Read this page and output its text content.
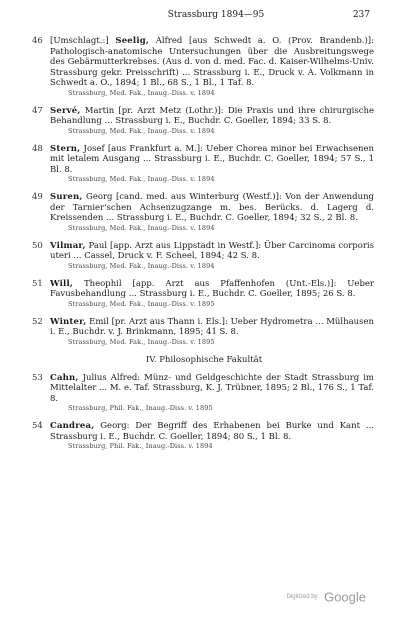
Strassburg 1894—95	237
46 [Umschlagt.:] Seelig, Alfred [aus Schwedt a. O. (Prov. Brandenb.)]: Pathologisch-anatomische Untersuchungen über die Ausbreitungswege des Gebärmutterkrebses. (Aus d. von d. med. Fac. d. Kaiser-Wilhelms-Univ. Strassburg gekr. Preisschrift) ... Strassburg i. E., Druck v. A. Volkmann in Schwedt a. O., 1894; 1 Bl., 68 S., 1 Bl., 1 Taf. 8.
Strassburg, Med. Fak., Inaug.-Diss. v. 1894
47 Servé, Martin [pr. Arzt Metz (Lothr.)]: Die Praxis und ihre chirurgische Behandlung ... Strassburg i. E., Buchdr. C. Goeller, 1894; 33 S. 8.
Strassburg, Med. Fak., Inaug.-Diss. v. 1894
48 Stern, Josef [aus Frankfurt a. M.]: Ueber Chorea minor bei Erwachsenen mit letalem Ausgang ... Strassburg i. E., Buchdr. C. Goeller, 1894; 57 S., 1 Bl. 8.
Strassburg, Med. Fak., Inaug.-Diss. v. 1894
49 Suren, Georg [cand. med. aus Winterburg (Westf.)]: Von der Anwendung der Tarnier'schen Achsenzugzange m. bes. Berücks. d. Lagerg d. Kreissenden ... Strassburg i. E., Buchdr. C. Goeller, 1894; 32 S., 2 Bl. 8.
Strassburg, Med. Fak., Inaug.-Diss. v. 1894
50 Vilmar, Paul [app. Arzt aus Lippstadt in Westf.]: Über Carcinoma corporis uteri ... Cassel, Druck v. F. Scheel, 1894; 42 S. 8.
Strassburg, Med. Fak., Inaug.-Diss. v. 1894
51 Will, Theophil [app. Arzt aus Pfaffenhofen (Unt.-Els.)]: Ueber Favusbehandlung ... Strassburg i. E., Buchdr. C. Goeller, 1895; 26 S. 8.
Strassburg, Med. Fak., Inaug.-Diss. v. 1895
52 Winter, Emil [pr. Arzt aus Thann i. Els.]: Ueber Hydrometra ... Mülhausen i. E., Buchdr. v. J. Brinkmann, 1895; 41 S. 8.
Strassburg, Med. Fak., Inaug.-Diss. v. 1895
IV. Philosophische Fakultät
53 Cahn, Julius Alfred: Münz- und Geldgeschichte der Stadt Strassburg im Mittelalter ... M. e. Taf. Strassburg, K. J. Trübner, 1895; 2 Bl., 176 S., 1 Taf. 8.
Strassburg, Phil. Fak., Inaug.-Diss. v. 1895
54 Candrea, Georg: Der Begriff des Erhabenen bei Burke und Kant ... Strassburg i. E., Buchdr. C. Goeller, 1894; 80 S., 1 Bl. 8.
Strassburg, Phil. Fak., Inaug.-Diss. v. 1894
Digitized by Google
